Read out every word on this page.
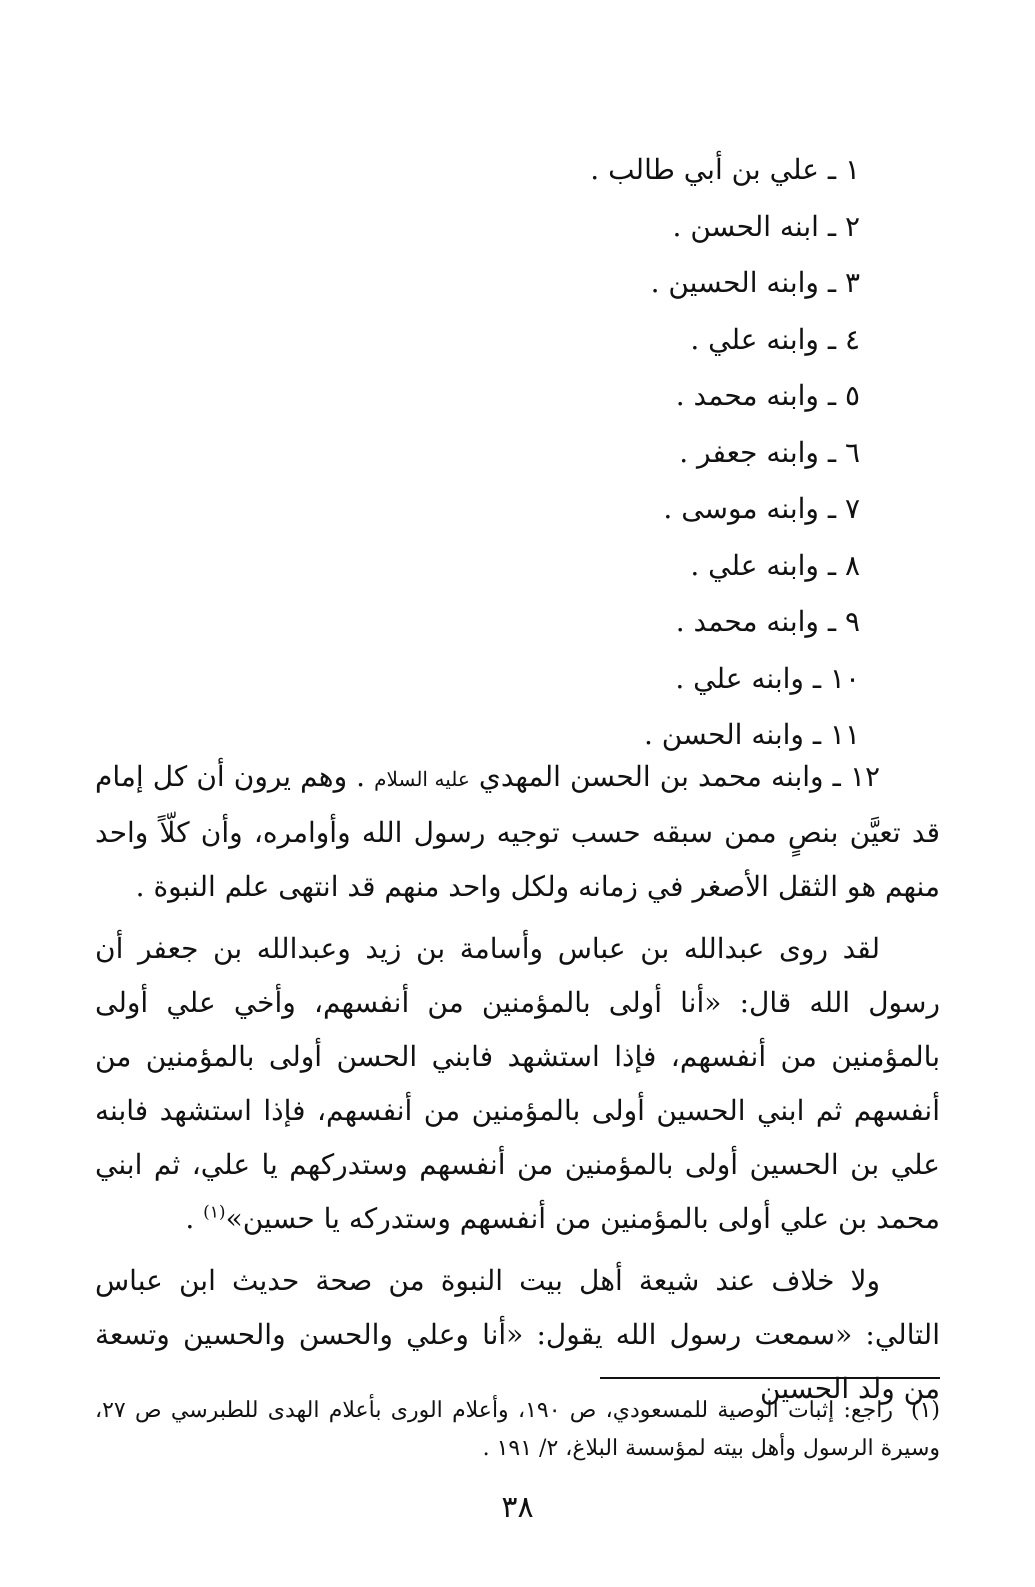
١ ـ علي بن أبي طالب .
٢ ـ ابنه الحسن .
٣ ـ وابنه الحسين .
٤ ـ وابنه علي .
٥ ـ وابنه محمد .
٦ ـ وابنه جعفر .
٧ ـ وابنه موسى .
٨ ـ وابنه علي .
٩ ـ وابنه محمد .
١٠ ـ وابنه علي .
١١ ـ وابنه الحسن .

١٢ ـ وابنه محمد بن الحسن المهدي عليه السلام . وهم يرون أن كل إمام قد تعيَّن بنصٍ ممن سبقه حسب توجيه رسول الله وأوامره، وأن كلّاً واحد منهم هو الثقل الأصغر في زمانه ولكل واحد منهم قد انتهى علم النبوة .

لقد روى عبدالله بن عباس وأسامة بن زيد وعبدالله بن جعفر أن رسول الله قال: «أنا أولى بالمؤمنين من أنفسهم، وأخي علي أولى بالمؤمنين من أنفسهم، فإذا استشهد فابني الحسن أولى بالمؤمنين من أنفسهم ثم ابني الحسين أولى بالمؤمنين من أنفسهم، فإذا استشهد فابنه علي بن الحسين أولى بالمؤمنين من أنفسهم وستدركهم يا علي، ثم ابني محمد بن علي أولى بالمؤمنين من أنفسهم وستدركه يا حسين»$^{(١)}$ .

ولا خلاف عند شيعة أهل بيت النبوة من صحة حديث ابن عباس التالي: «سمعت رسول الله يقول: «أنا وعلي والحسن والحسين وتسعة من ولد الحسين

(١)راجع: إثبات الوصية للمسعودي، ص ١٩٠، وأعلام الورى بأعلام الهدى للطبرسي ص ٢٧، وسيرة الرسول وأهل بيته لمؤسسة البلاغ، ٢/ ١٩١ .
٣٨
